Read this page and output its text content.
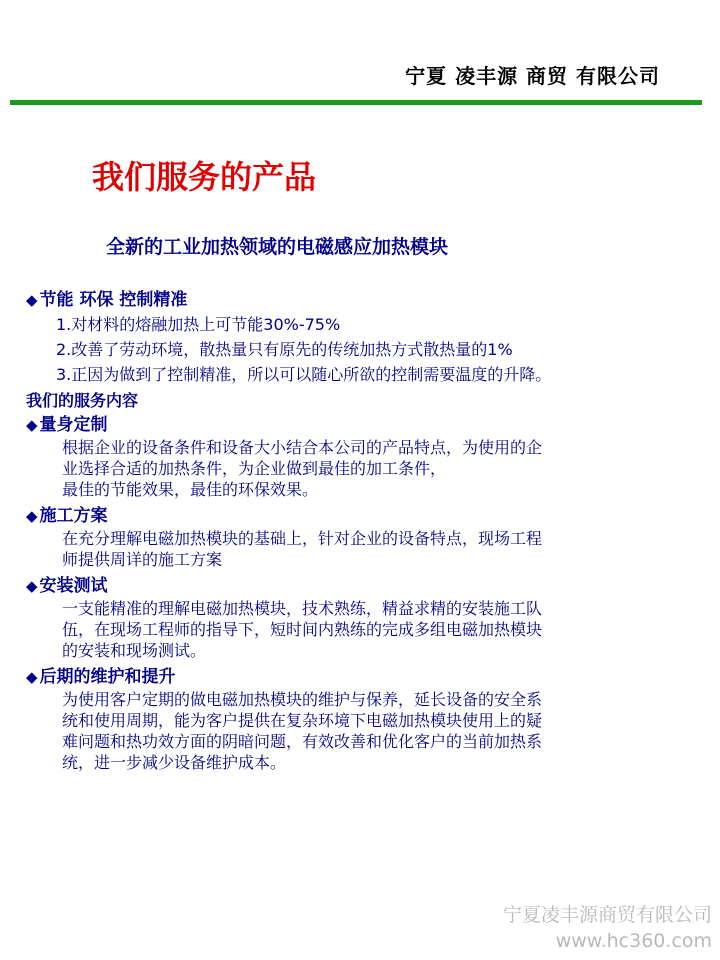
宁夏 凌丰源 商贸 有限公司
我们服务的产品
全新的工业加热领域的电磁感应加热模块
◆ 节能 环保 控制精准
1.对材料的熔融加热上可节能30%-75%
2.改善了劳动环境，散热量只有原先的传统加热方式散热量的1%
3.正因为做到了控制精准，所以可以随心所欲的控制需要温度的升降。
我们的服务内容
◆ 量身定制
根据企业的设备条件和设备大小结合本公司的产品特点，为使用的企
业选择合适的加热条件，为企业做到最佳的加工条件，
最佳的节能效果，最佳的环保效果。
◆ 施工方案
在充分理解电磁加热模块的基础上，针对企业的设备特点，现场工程
师提供周详的施工方案
◆ 安装测试
一支能精准的理解电磁加热模块，技术熟练，精益求精的安装施工队
伍，在现场工程师的指导下，短时间内熟练的完成多组电磁加热模块
的安装和现场测试。
◆ 后期的维护和提升
为使用客户定期的做电磁加热模块的维护与保养，延长设备的安全系
统和使用周期，能为客户提供在复杂环境下电磁加热模块使用上的疑
难问题和热功效方面的阴暗问题，有效改善和优化客户的当前加热系
统，进一步减少设备维护成本。
宁夏凌丰源商贸有限公司
www.hc360.com
